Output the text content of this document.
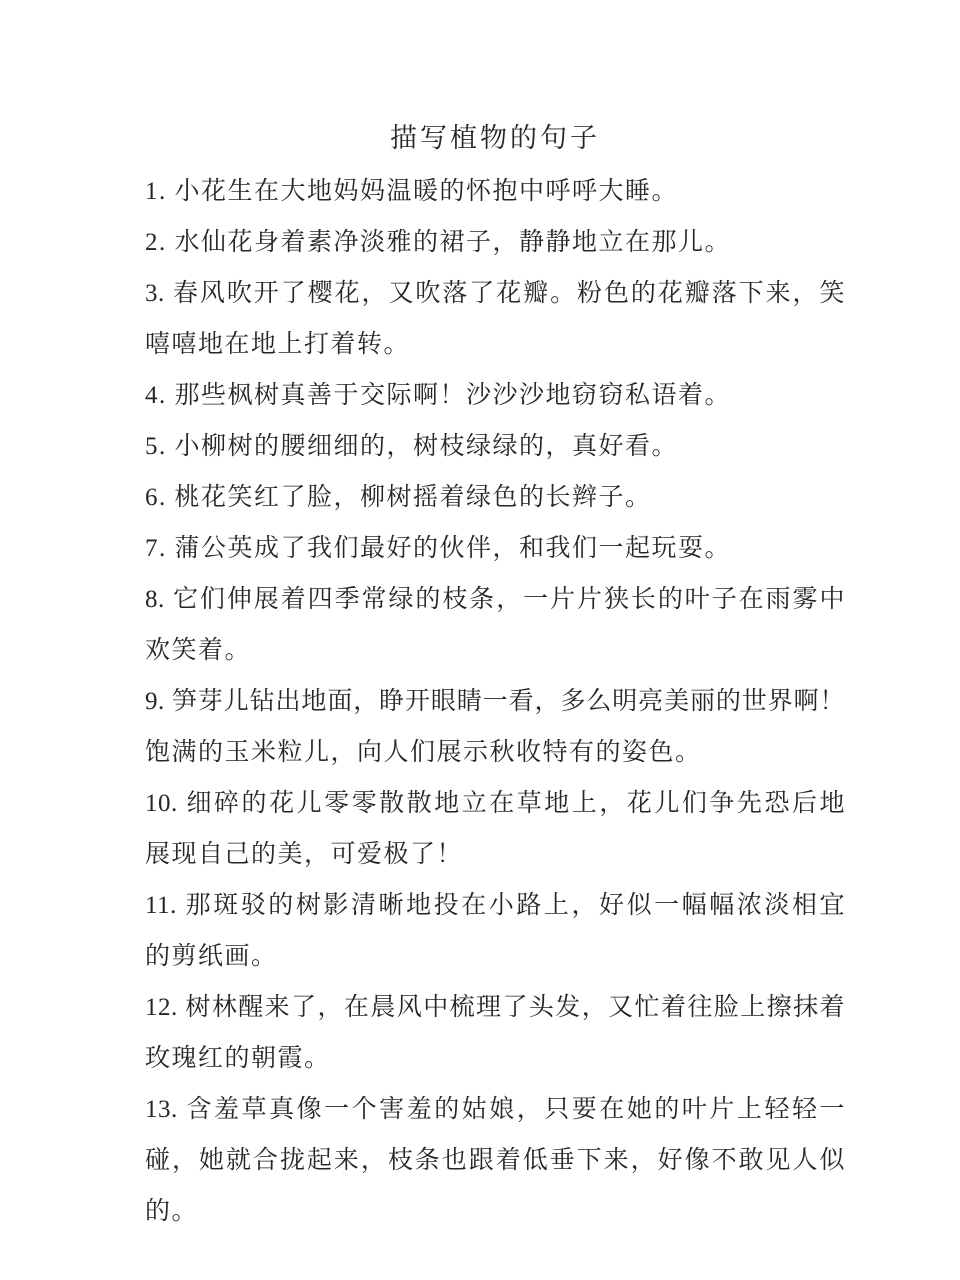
描写植物的句子
1. 小花生在大地妈妈温暖的怀抱中呼呼大睡。
2. 水仙花身着素净淡雅的裙子，静静地立在那儿。
3. 春风吹开了樱花，又吹落了花瓣。粉色的花瓣落下来，笑
嘻嘻地在地上打着转。
4. 那些枫树真善于交际啊！沙沙沙地窃窃私语着。
5. 小柳树的腰细细的，树枝绿绿的，真好看。
6. 桃花笑红了脸，柳树摇着绿色的长辫子。
7. 蒲公英成了我们最好的伙伴，和我们一起玩耍。
8. 它们伸展着四季常绿的枝条，一片片狭长的叶子在雨雾中
欢笑着。
9. 笋芽儿钻出地面，睁开眼睛一看，多么明亮美丽的世界啊！
饱满的玉米粒儿，向人们展示秋收特有的姿色。
10. 细碎的花儿零零散散地立在草地上，花儿们争先恐后地
展现自己的美，可爱极了！
11. 那斑驳的树影清晰地投在小路上，好似一幅幅浓淡相宜
的剪纸画。
12. 树林醒来了，在晨风中梳理了头发，又忙着往脸上擦抹着
玫瑰红的朝霞。
13. 含羞草真像一个害羞的姑娘，只要在她的叶片上轻轻一
碰，她就合拢起来，枝条也跟着低垂下来，好像不敢见人似
的。
